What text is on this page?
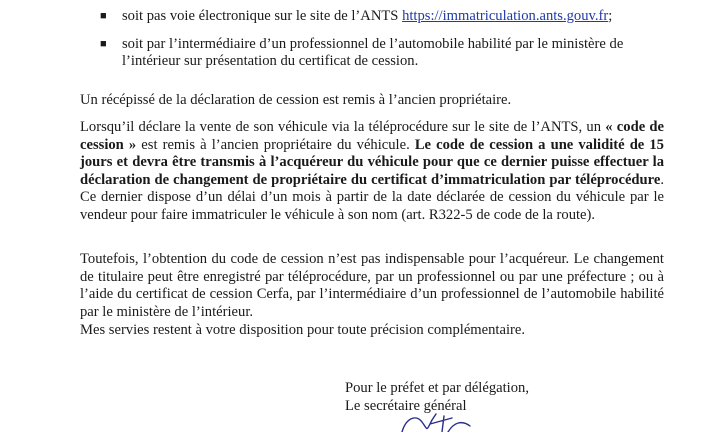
■ soit pas voie électronique sur le site de l’ANTS https://immatriculation.ants.gouv.fr;
■ soit par l’intermédiaire d’un professionnel de l’automobile habilité par le ministère de l’intérieur sur présentation du certificat de cession.

Un récépissé de la déclaration de cession est remis à l’ancien propriétaire.

Lorsqu’il déclare la vente de son véhicule via la téléprocédure sur le site de l’ANTS, un « code de cession » est remis à l’ancien propriétaire du véhicule. Le code de cession a une validité de 15 jours et devra être transmis à l’acquéreur du véhicule pour que ce dernier puisse effectuer la déclaration de changement de propriétaire du certificat d’immatriculation par téléprocédure. Ce dernier dispose d’un délai d’un mois à partir de la date déclarée de cession du véhicule par le vendeur pour faire immatriculer le véhicule à son nom (art. R322-5 de code de la route).

Toutefois, l’obtention du code de cession n’est pas indispensable pour l’acquéreur. Le changement de titulaire peut être enregistré par téléprocédure, par un professionnel ou par une préfecture ; ou à l’aide du certificat de cession Cerfa, par l’intermédiaire d’un professionnel de l’automobile habilité par le ministère de l’intérieur.

Mes servies restent à votre disposition pour toute précision complémentaire.

Pour le préfet et par délégation,
Le secrétaire général
